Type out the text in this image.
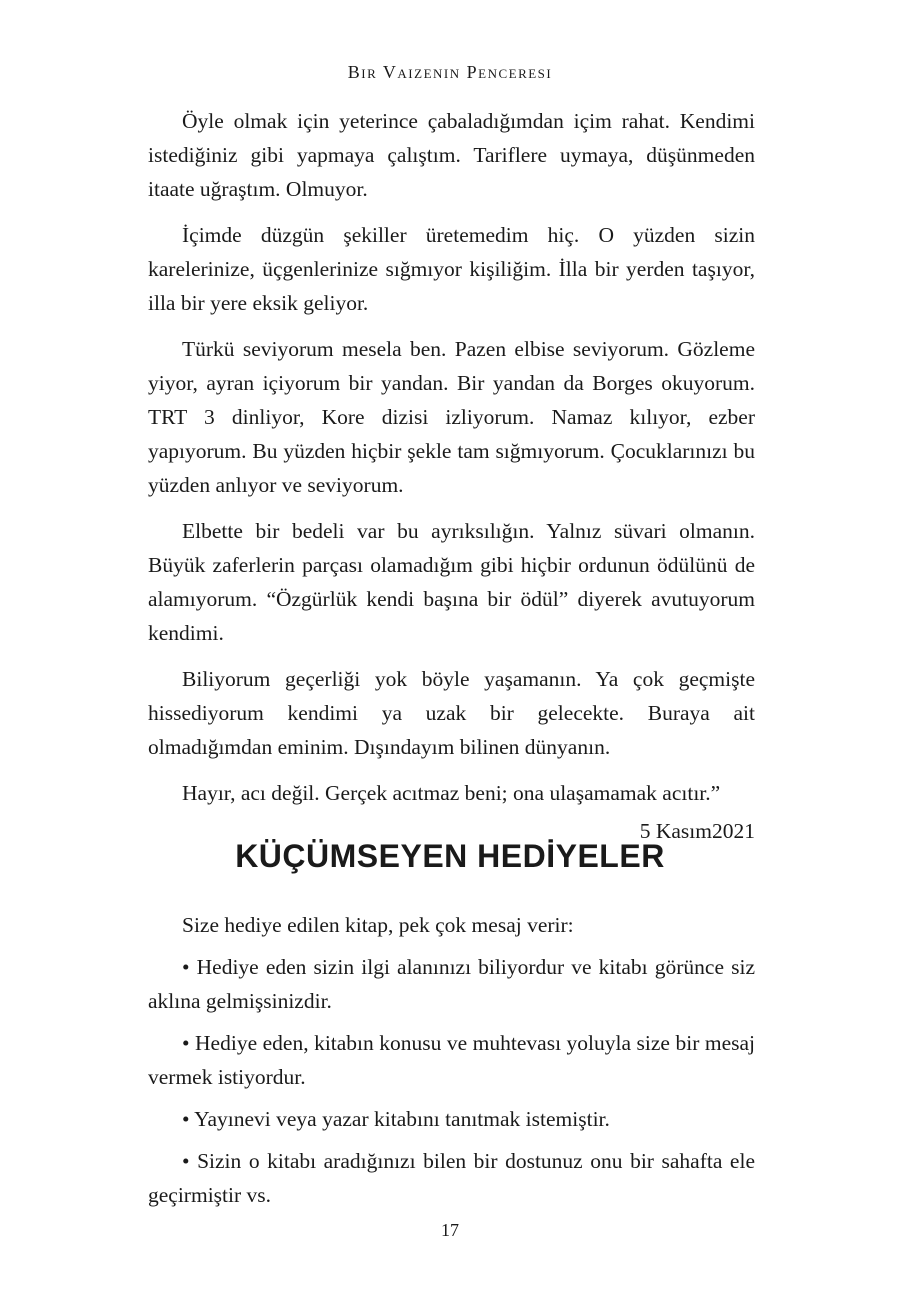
Bir Vaizenin Penceresi

Öyle olmak için yeterince çabaladığımdan içim rahat. Kendimi istediğiniz gibi yapmaya çalıştım. Tariflere uymaya, düşünmeden itaate uğraştım. Olmuyor.

İçimde düzgün şekiller üretemedim hiç. O yüzden sizin karelerinize, üçgenlerinize sığmıyor kişiliğim. İlla bir yerden taşıyor, illa bir yere eksik geliyor.

Türkü seviyorum mesela ben. Pazen elbise seviyorum. Gözleme yiyor, ayran içiyorum bir yandan. Bir yandan da Borges okuyorum. TRT 3 dinliyor, Kore dizisi izliyorum. Namaz kılıyor, ezber yapıyorum. Bu yüzden hiçbir şekle tam sığmıyorum. Çocuklarınızı bu yüzden anlıyor ve seviyorum.

Elbette bir bedeli var bu ayrıksılığın. Yalnız süvari olmanın. Büyük zaferlerin parçası olamadığım gibi hiçbir ordunun ödülünü de alamıyorum. “Özgürlük kendi başına bir ödül” diyerek avutuyorum kendimi.

Biliyorum geçerliği yok böyle yaşamanın. Ya çok geçmişte hissediyorum kendimi ya uzak bir gelecekte. Buraya ait olmadığımdan eminim. Dışındayım bilinen dünyanın.

Hayır, acı değil. Gerçek acıtmaz beni; ona ulaşamamak acıtır.”

5 Kasım2021

KÜÇÜMSEYEN HEDİYELER

Size hediye edilen kitap, pek çok mesaj verir:

• Hediye eden sizin ilgi alanınızı biliyordur ve kitabı görünce siz aklına gelmişsinizdir.

• Hediye eden, kitabın konusu ve muhtevası yoluyla size bir mesaj vermek istiyordur.

• Yayınevi veya yazar kitabını tanıtmak istemiştir.

• Sizin o kitabı aradığınızı bilen bir dostunuz onu bir sahafta ele geçirmiştir vs.

17
